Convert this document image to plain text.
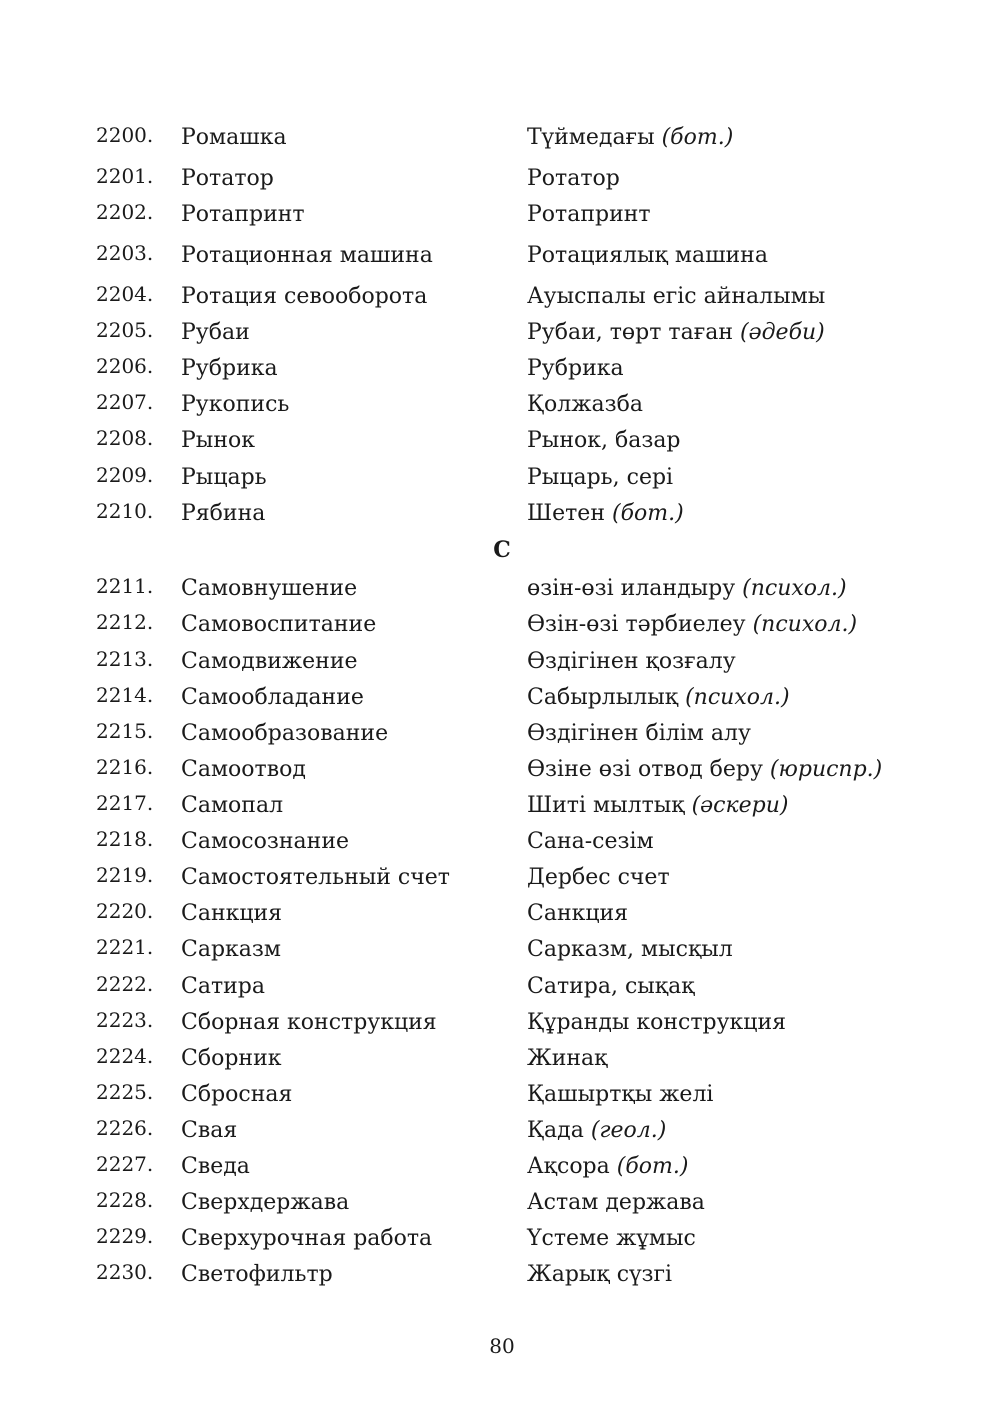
2200. Ромашка	Түймедағы (бот.)
2201. Ротатор	Ротатор
2202. Ротапринт	Ротапринт
2203. Ротационная машина	Ротациялық машина
2204. Ротация севооборота	Ауыспалы егіс айналымы
2205. Рубаи	Рубаи, төрт таған (әдеби)
2206. Рубрика	Рубрика
2207. Рукопись	Қолжазба
2208. Рынок	Рынок, базар
2209. Рыцарь	Рыцарь, сері
2210. Рябина	Шетен (бот.)
С
2211. Самовнушение	өзін-өзі иландыру (психол.)
2212. Самовоспитание	Өзін-өзі тәрбиелеу (психол.)
2213. Самодвижение	Өздігінен қозғалу
2214. Самообладание	Сабырлылық (психол.)
2215. Самообразование	Өздігінен білім алу
2216. Самоотвод	Өзіне өзі отвод беру (юриспр.)
2217. Самопал	Шиті мылтық (әскери)
2218. Самосознание	Сана-сезім
2219. Самостоятельный счет	Дербес счет
2220. Санкция	Санкция
2221. Сарказм	Сарказм, мысқыл
2222. Сатира	Сатира, сықақ
2223. Сборная конструкция	Құранды конструкция
2224. Сборник	Жинақ
2225. Сбросная	Қашыртқы желі
2226. Свая	Қада (геол.)
2227. Сведа	Ақсора (бот.)
2228. Сверхдержава	Астам держава
2229. Сверхурочная работа	Үстеме жұмыс
2230. Светофильтр	Жарық сүзгі
80
